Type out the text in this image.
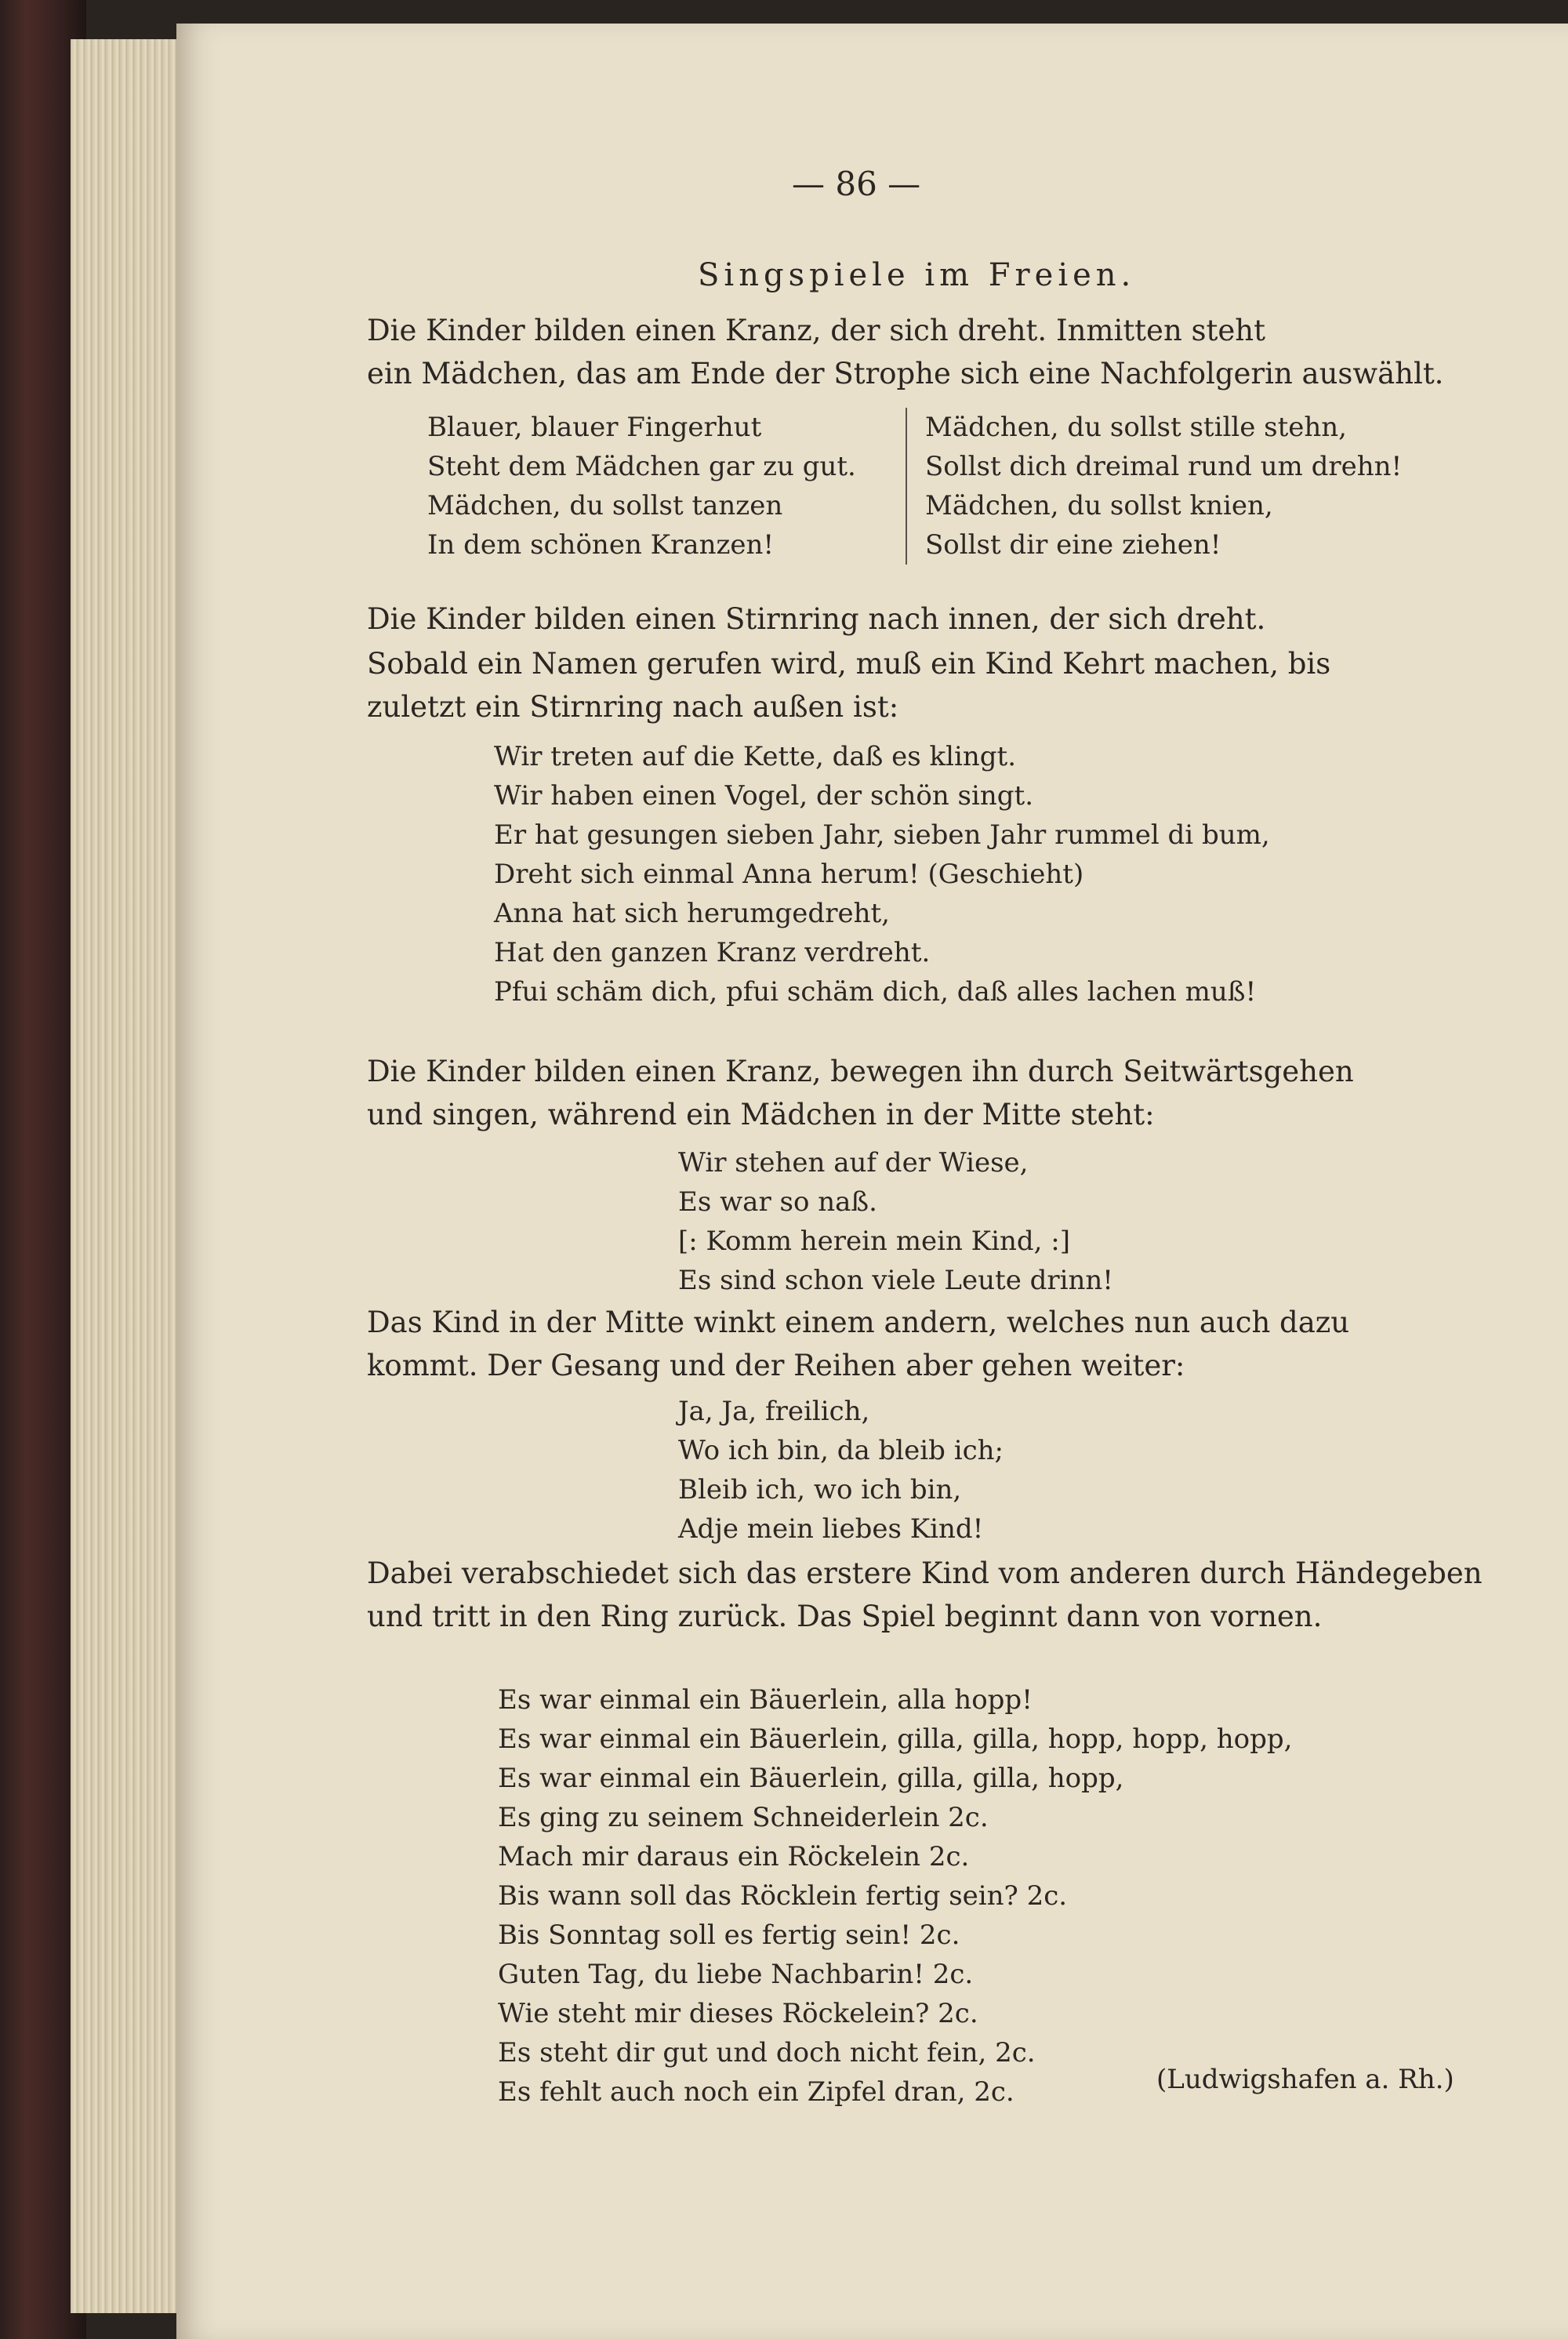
— 86 —
Singspiele im Freien.
Die Kinder bilden einen Kranz, der sich dreht. Inmitten steht
ein Mädchen, das am Ende der Strophe sich eine Nachfolgerin auswählt.
Blauer, blauer Fingerhut
Steht dem Mädchen gar zu gut.
Mädchen, du sollst tanzen
In dem schönen Kranzen!
Mädchen, du sollst stille stehn,
Sollst dich dreimal rund um drehn!
Mädchen, du sollst knien,
Sollst dir eine ziehen!
Die Kinder bilden einen Stirnring nach innen, der sich dreht.
Sobald ein Namen gerufen wird, muß ein Kind Kehrt machen, bis
zuletzt ein Stirnring nach außen ist:
Wir treten auf die Kette, daß es klingt.
Wir haben einen Vogel, der schön singt.
Er hat gesungen sieben Jahr, sieben Jahr rummel di bum,
Dreht sich einmal Anna herum! (Geschieht)
Anna hat sich herumgedreht,
Hat den ganzen Kranz verdreht.
Pfui schäm dich, pfui schäm dich, daß alles lachen muß!
Die Kinder bilden einen Kranz, bewegen ihn durch Seitwärtsgehen
und singen, während ein Mädchen in der Mitte steht:
Wir stehen auf der Wiese,
Es war so naß.
[: Komm herein mein Kind, :]
Es sind schon viele Leute drinn!
Das Kind in der Mitte winkt einem andern, welches nun auch dazu
kommt. Der Gesang und der Reihen aber gehen weiter:
Ja, Ja, freilich,
Wo ich bin, da bleib ich;
Bleib ich, wo ich bin,
Adje mein liebes Kind!
Dabei verabschiedet sich das erstere Kind vom anderen durch Händegeben
und tritt in den Ring zurück. Das Spiel beginnt dann von vornen.
Es war einmal ein Bäuerlein, alla hopp!
Es war einmal ein Bäuerlein, gilla, gilla, hopp, hopp, hopp,
Es war einmal ein Bäuerlein, gilla, gilla, hopp,
Es ging zu seinem Schneiderlein 2c.
Mach mir daraus ein Röckelein 2c.
Bis wann soll das Röcklein fertig sein? 2c.
Bis Sonntag soll es fertig sein! 2c.
Guten Tag, du liebe Nachbarin! 2c.
Wie steht mir dieses Röckelein? 2c.
Es steht dir gut und doch nicht fein, 2c.
Es fehlt auch noch ein Zipfel dran, 2c.	(Ludwigshafen a. Rh.)
